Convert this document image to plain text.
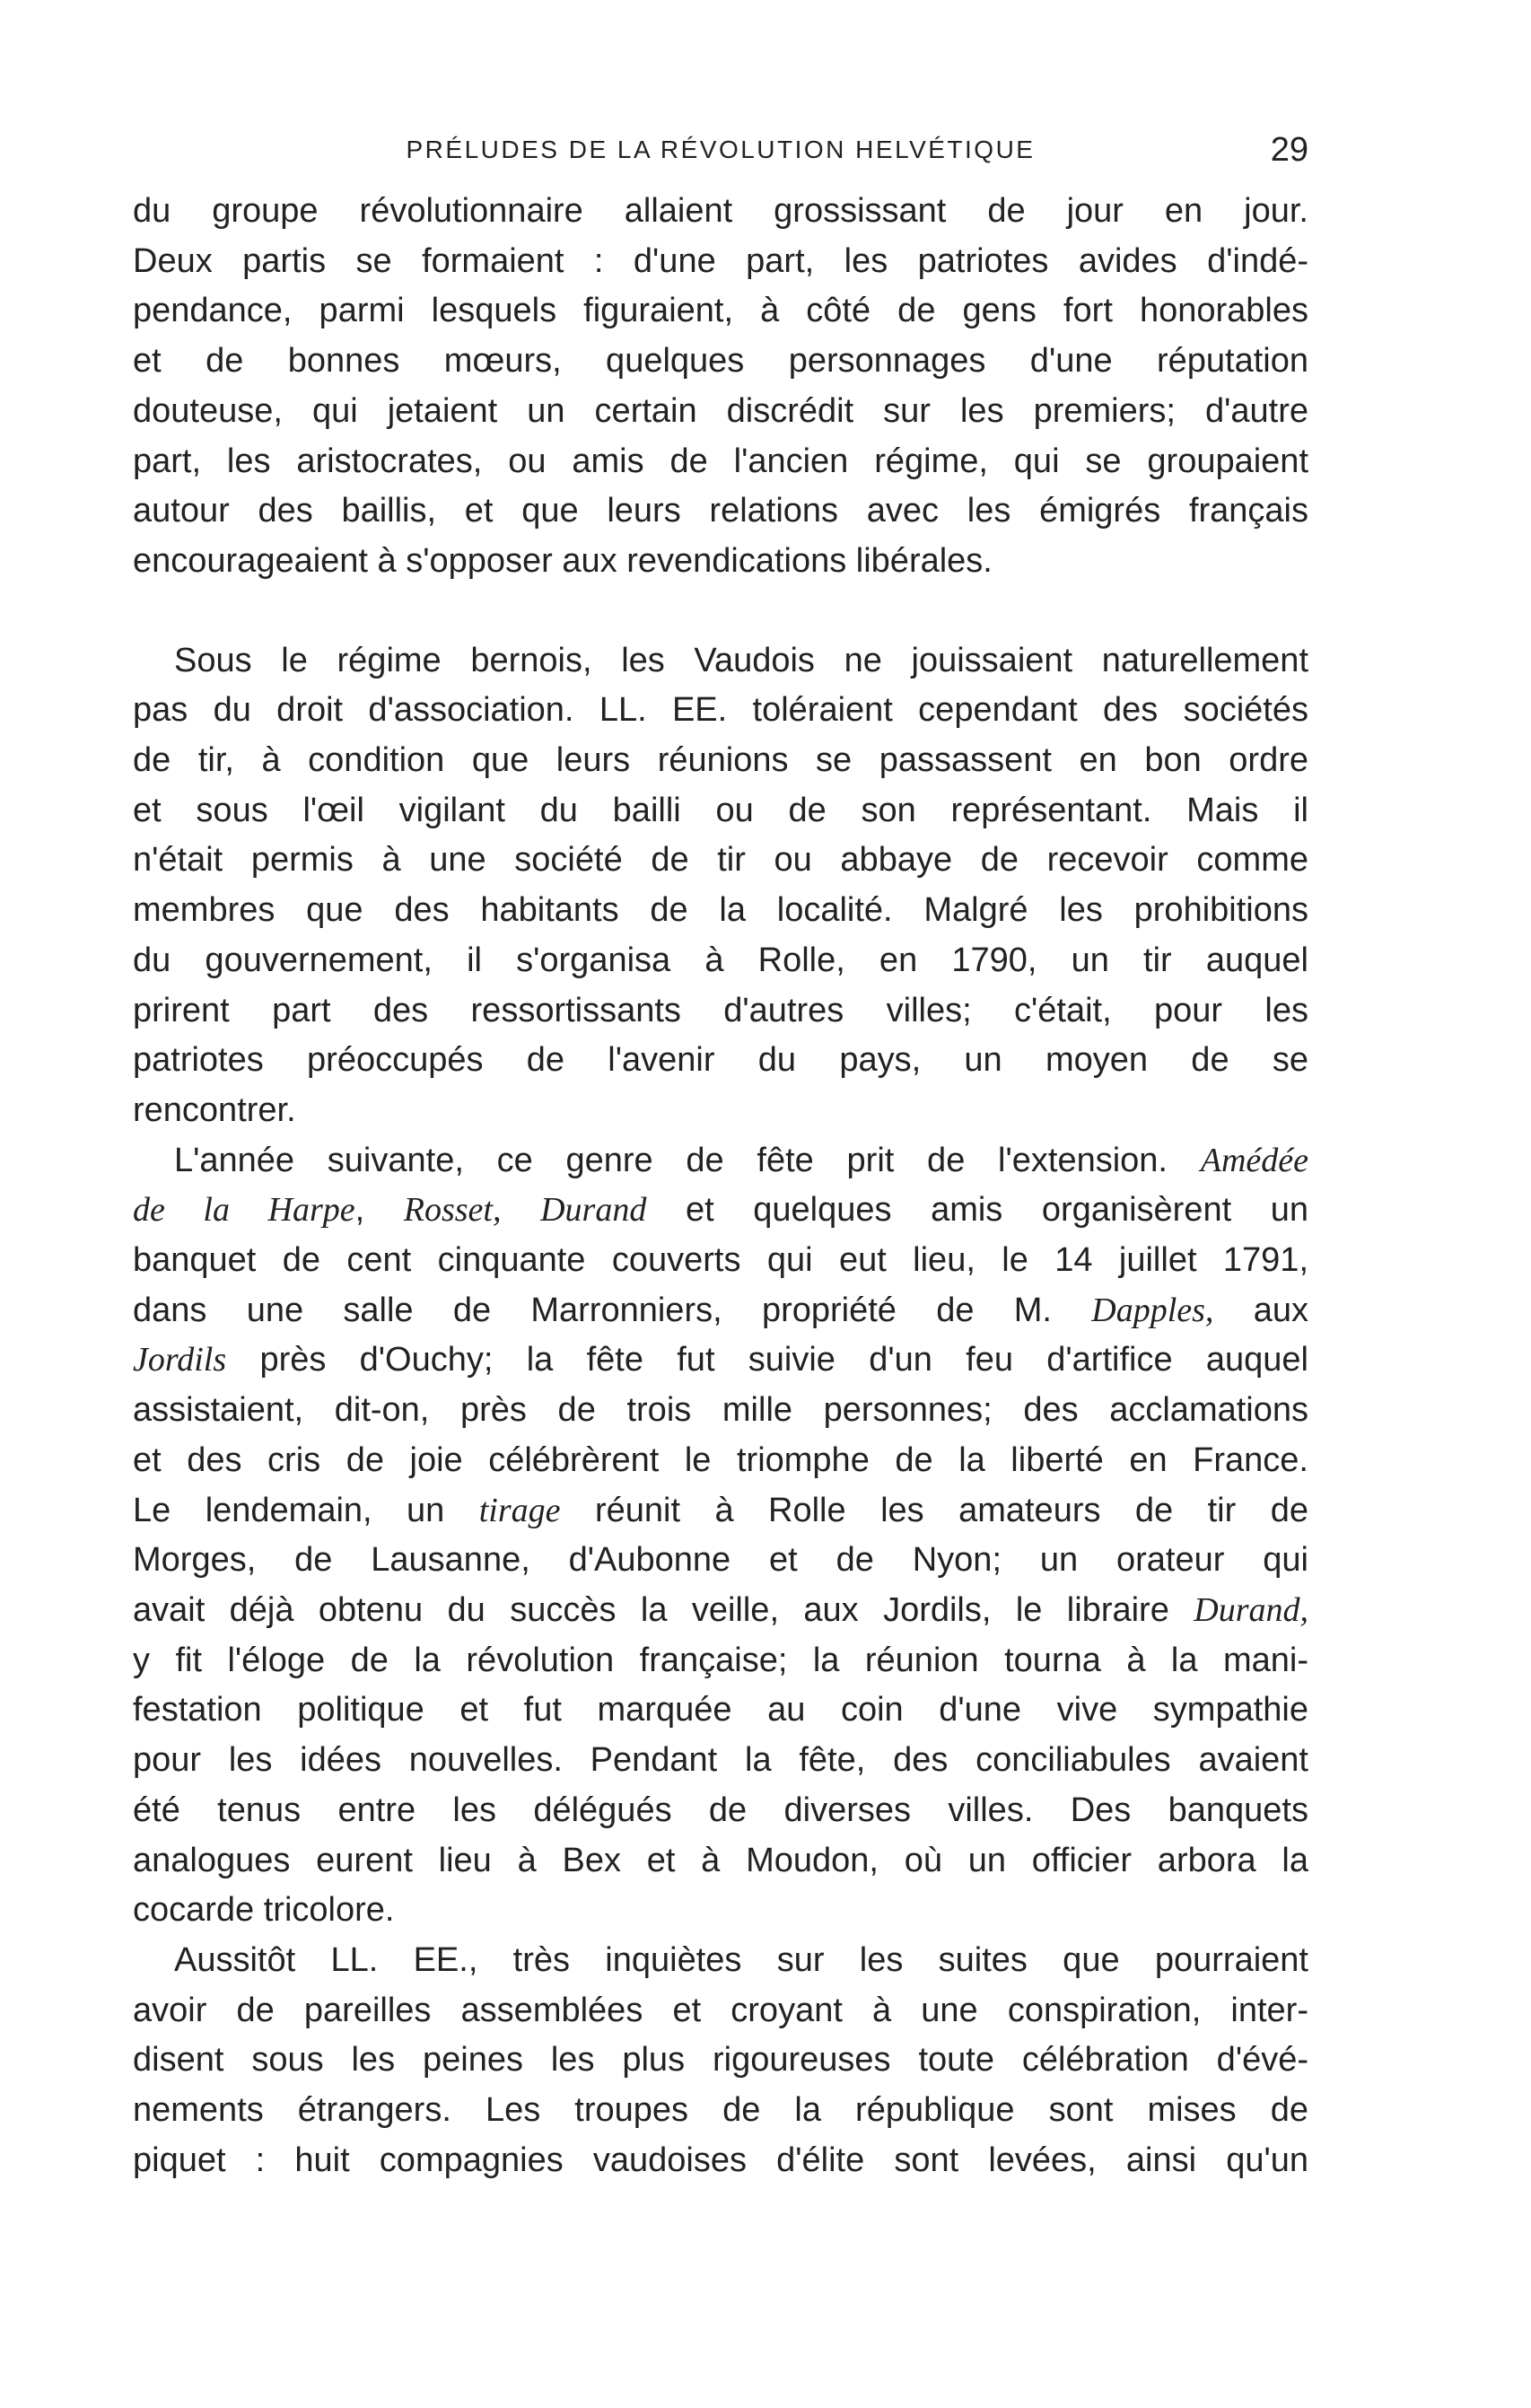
PRÉLUDES DE LA RÉVOLUTION HELVÉTIQUE	29

du groupe révolutionnaire allaient grossissant de jour en jour.
Deux partis se formaient : d'une part, les patriotes avides d'indé-
pendance, parmi lesquels figuraient, à côté de gens fort honorables
et de bonnes mœurs, quelques personnages d'une réputation
douteuse, qui jetaient un certain discrédit sur les premiers; d'autre
part, les aristocrates, ou amis de l'ancien régime, qui se groupaient
autour des baillis, et que leurs relations avec les émigrés français
encourageaient à s'opposer aux revendications libérales.

Sous le régime bernois, les Vaudois ne jouissaient naturellement
pas du droit d'association. LL. EE. toléraient cependant des sociétés
de tir, à condition que leurs réunions se passassent en bon ordre
et sous l'œil vigilant du bailli ou de son représentant. Mais il
n'était permis à une société de tir ou abbaye de recevoir comme
membres que des habitants de la localité. Malgré les prohibitions
du gouvernement, il s'organisa à Rolle, en 1790, un tir auquel
prirent part des ressortissants d'autres villes; c'était, pour les
patriotes préoccupés de l'avenir du pays, un moyen de se
rencontrer.

L'année suivante, ce genre de fête prit de l'extension. Amédée
de la Harpe, Rosset, Durand et quelques amis organisèrent un
banquet de cent cinquante couverts qui eut lieu, le 14 juillet 1791,
dans une salle de Marronniers, propriété de M. Dapples, aux
Jordils près d'Ouchy; la fête fut suivie d'un feu d'artifice auquel
assistaient, dit-on, près de trois mille personnes; des acclamations
et des cris de joie célébrèrent le triomphe de la liberté en France.
Le lendemain, un tirage réunit à Rolle les amateurs de tir de
Morges, de Lausanne, d'Aubonne et de Nyon; un orateur qui
avait déjà obtenu du succès la veille, aux Jordils, le libraire Durand,
y fit l'éloge de la révolution française; la réunion tourna à la mani-
festation politique et fut marquée au coin d'une vive sympathie
pour les idées nouvelles. Pendant la fête, des conciliabules avaient
été tenus entre les délégués de diverses villes. Des banquets
analogues eurent lieu à Bex et à Moudon, où un officier arbora la
cocarde tricolore.

Aussitôt LL. EE., très inquiètes sur les suites que pourraient
avoir de pareilles assemblées et croyant à une conspiration, inter-
disent sous les peines les plus rigoureuses toute célébration d'évé-
nements étrangers. Les troupes de la république sont mises de
piquet : huit compagnies vaudoises d'élite sont levées, ainsi qu'un
